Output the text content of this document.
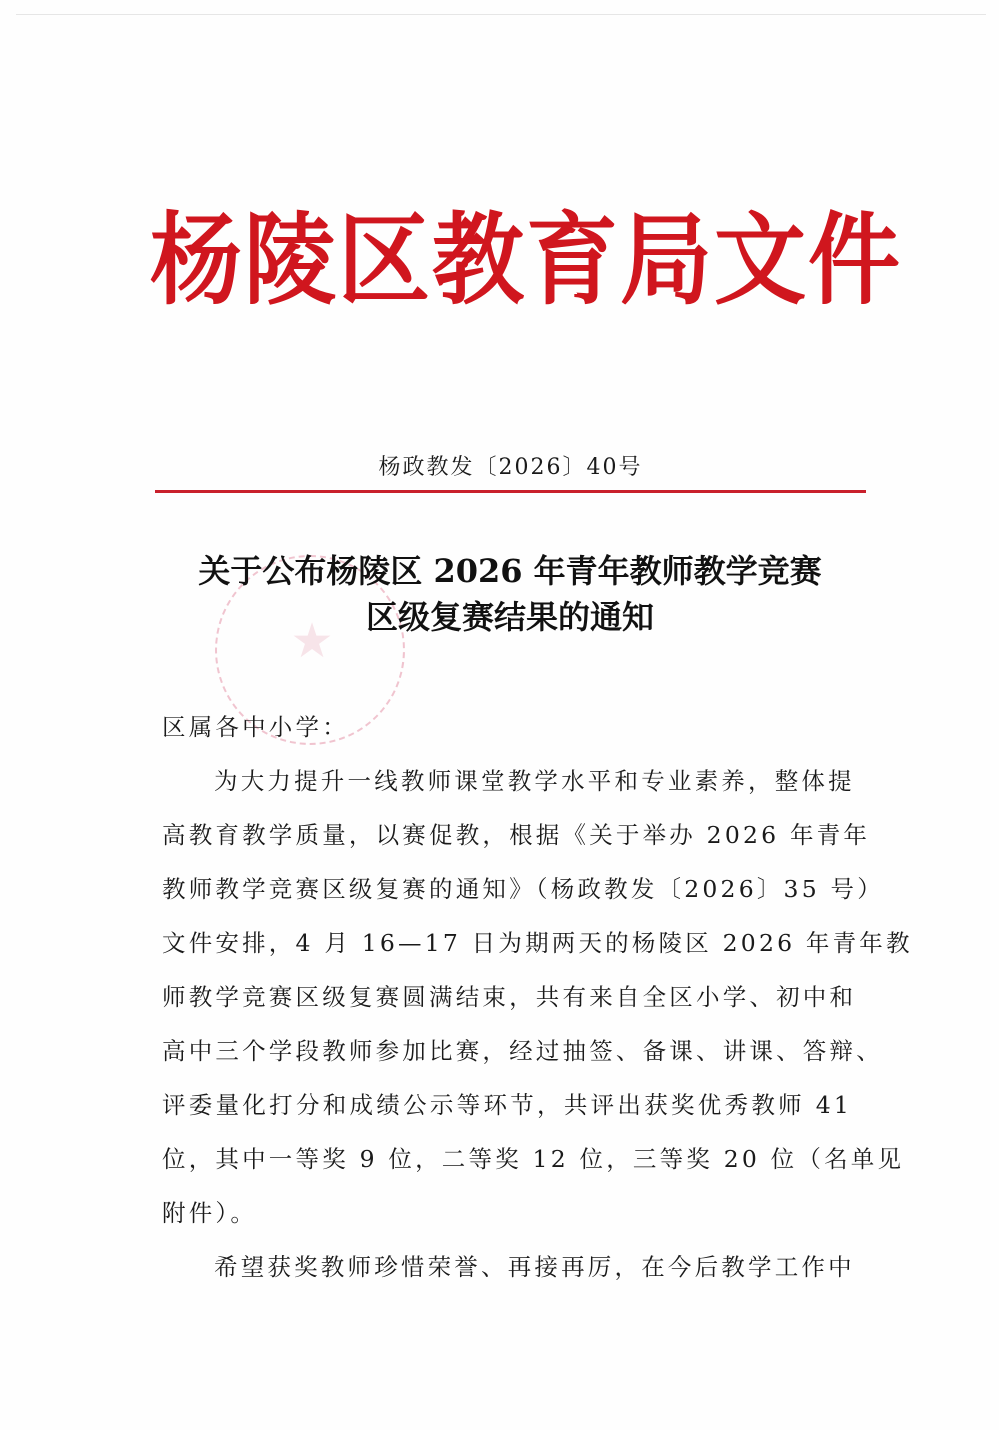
杨陵区教育局文件
杨政教发〔2026〕40号
★
关于公布杨陵区 2026 年青年教师教学竞赛
区级复赛结果的通知
区属各中小学：
为大力提升一线教师课堂教学水平和专业素养，整体提
高教育教学质量，以赛促教，根据《关于举办 2026 年青年
教师教学竞赛区级复赛的通知》（杨政教发〔2026〕35 号）
文件安排，4 月 16—17 日为期两天的杨陵区 2026 年青年教
师教学竞赛区级复赛圆满结束，共有来自全区小学、初中和
高中三个学段教师参加比赛，经过抽签、备课、讲课、答辩、
评委量化打分和成绩公示等环节，共评出获奖优秀教师 41
位，其中一等奖 9 位，二等奖 12 位，三等奖 20 位（名单见
附件）。
希望获奖教师珍惜荣誉、再接再厉，在今后教学工作中
